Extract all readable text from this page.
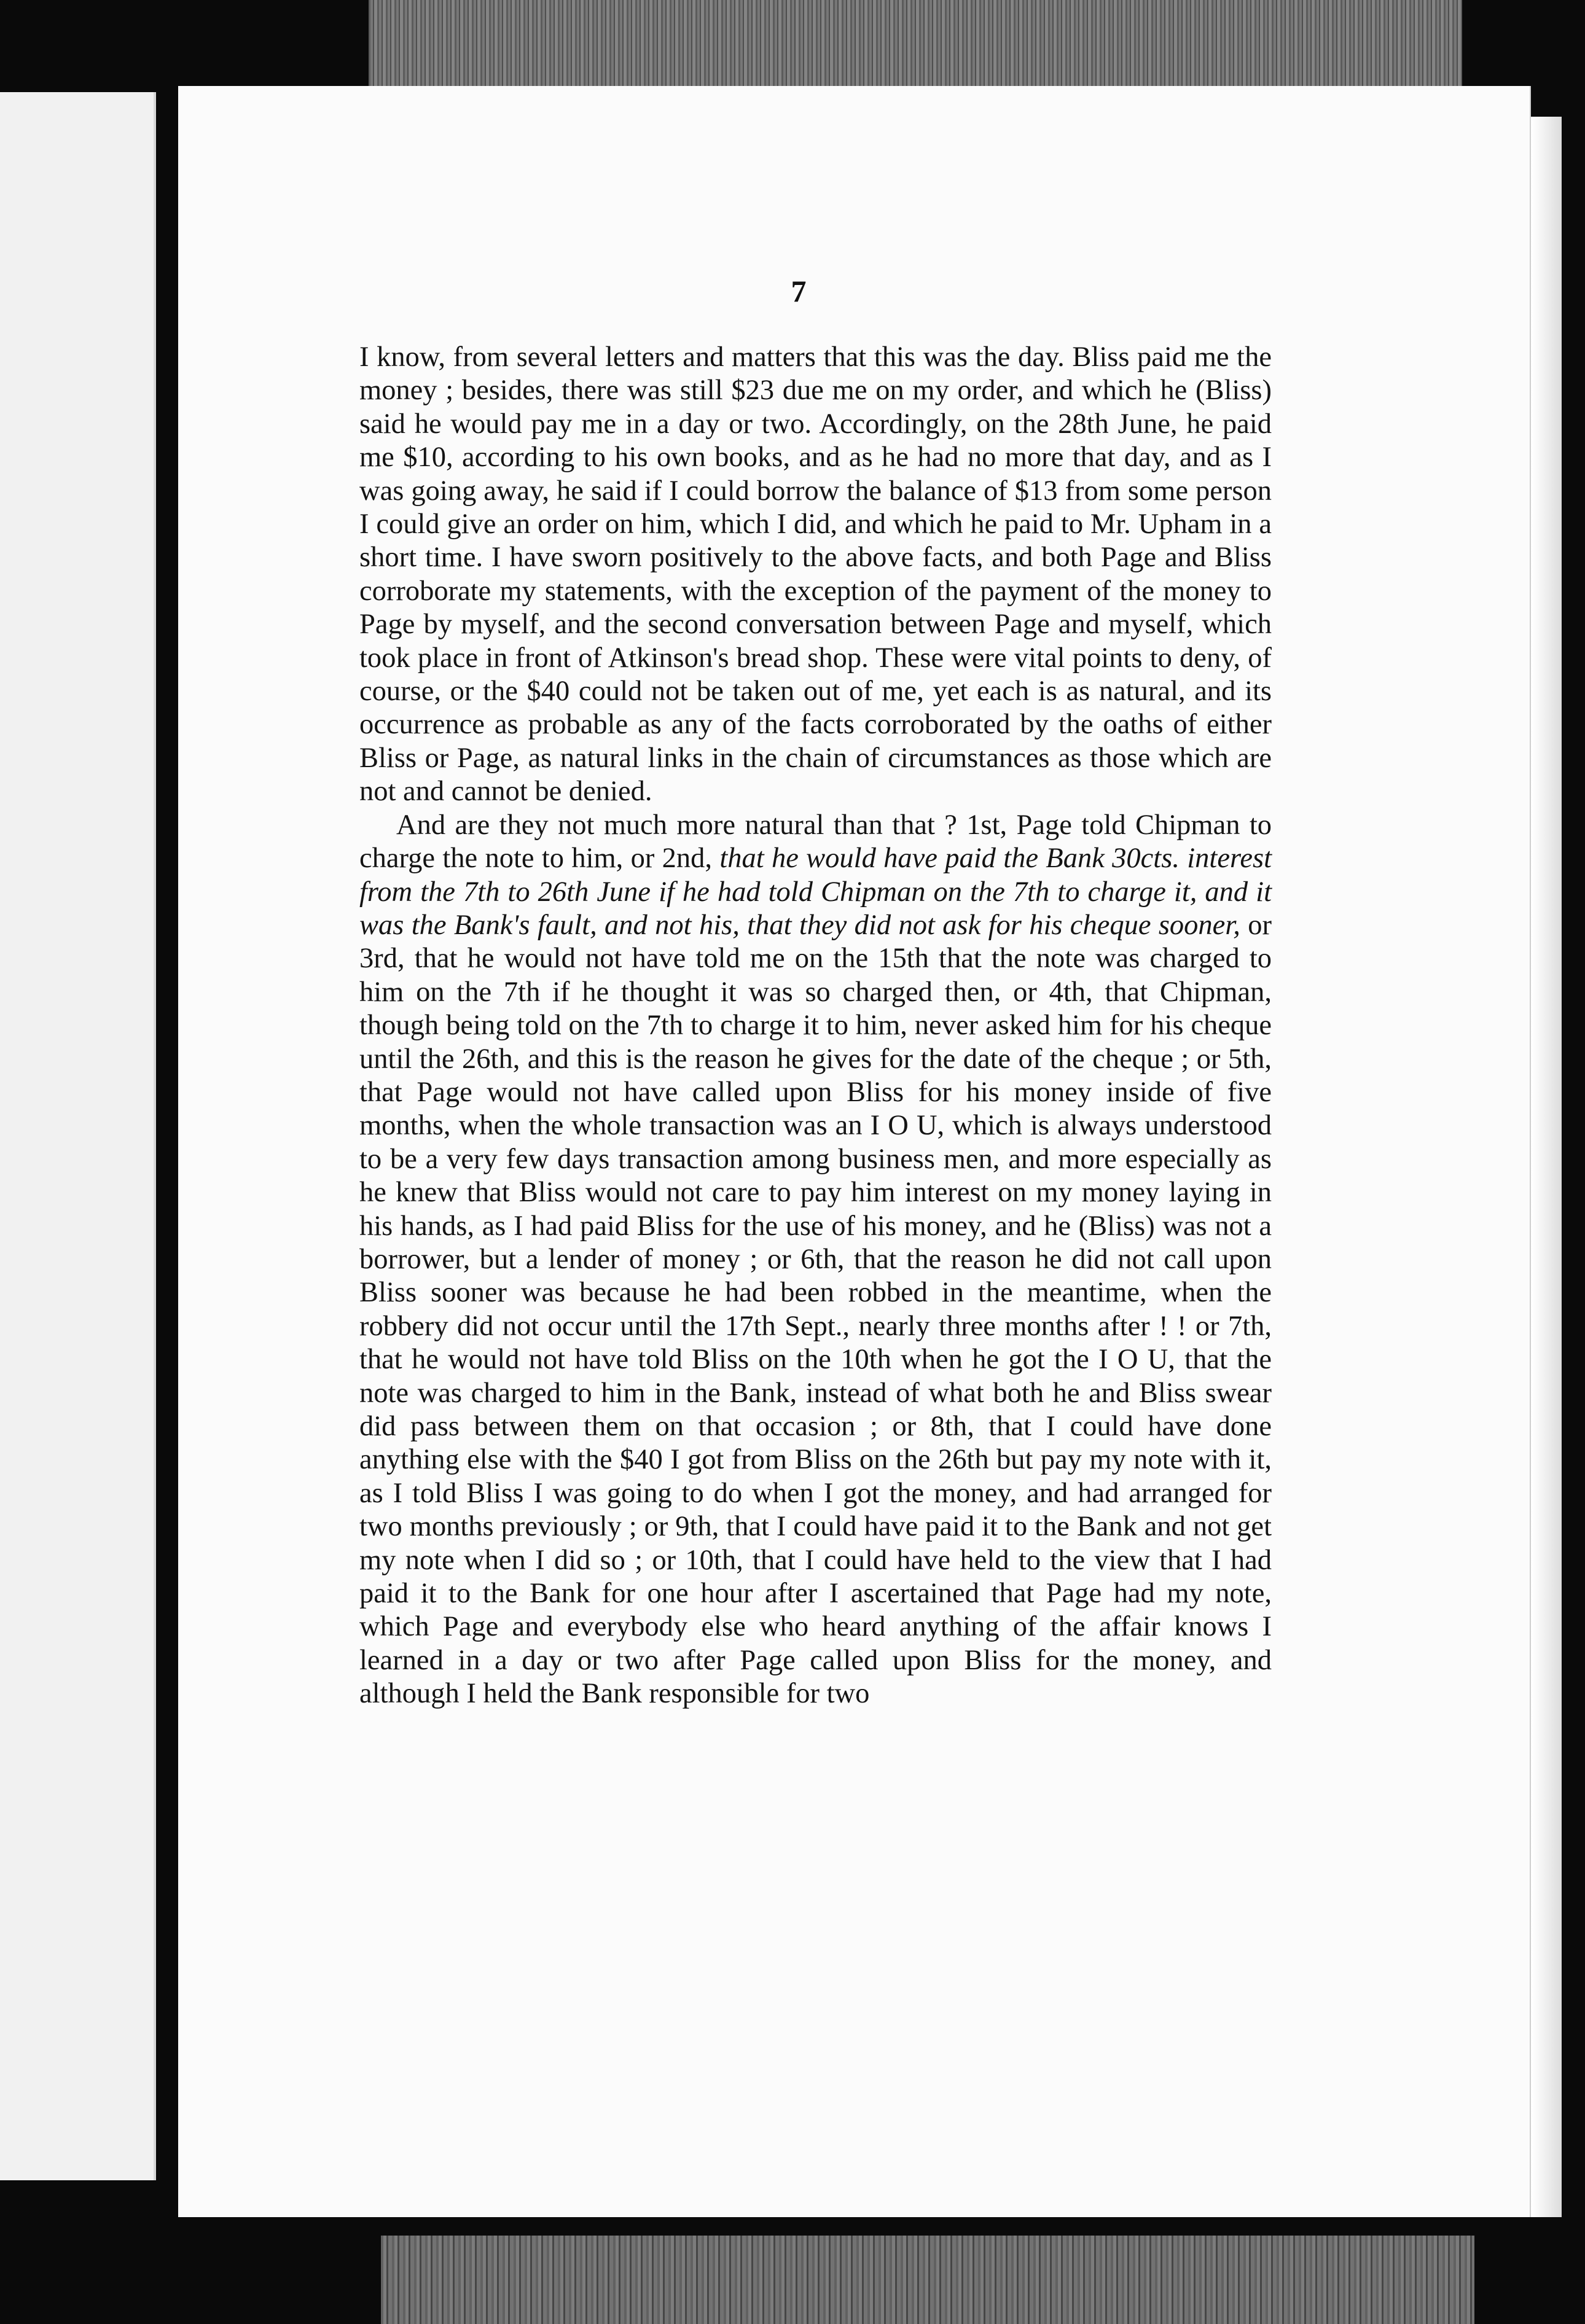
7

I know, from several letters and matters that this was the day. Bliss paid me the money ; besides, there was still $23 due me on my order, and which he (Bliss) said he would pay me in a day or two. Accordingly, on the 28th June, he paid me $10, according to his own books, and as he had no more that day, and as I was going away, he said if I could borrow the balance of $13 from some person I could give an order on him, which I did, and which he paid to Mr. Upham in a short time. I have sworn positively to the above facts, and both Page and Bliss corroborate my statements, with the exception of the payment of the money to Page by myself, and the second conversation between Page and myself, which took place in front of Atkinson's bread shop. These were vital points to deny, of course, or the $40 could not be taken out of me, yet each is as natural, and its occurrence as probable as any of the facts corroborated by the oaths of either Bliss or Page, as natural links in the chain of circumstances as those which are not and cannot be denied.

And are they not much more natural than that ? 1st, Page told Chipman to charge the note to him, or 2nd, that he would have paid the Bank 30cts. interest from the 7th to 26th June if he had told Chipman on the 7th to charge it, and it was the Bank's fault, and not his, that they did not ask for his cheque sooner, or 3rd, that he would not have told me on the 15th that the note was charged to him on the 7th if he thought it was so charged then, or 4th, that Chipman, though being told on the 7th to charge it to him, never asked him for his cheque until the 26th, and this is the reason he gives for the date of the cheque ; or 5th, that Page would not have called upon Bliss for his money inside of five months, when the whole transaction was an I O U, which is always understood to be a very few days transaction among business men, and more especially as he knew that Bliss would not care to pay him interest on my money laying in his hands, as I had paid Bliss for the use of his money, and he (Bliss) was not a borrower, but a lender of money ; or 6th, that the reason he did not call upon Bliss sooner was because he had been robbed in the meantime, when the robbery did not occur until the 17th Sept., nearly three months after ! ! or 7th, that he would not have told Bliss on the 10th when he got the I O U, that the note was charged to him in the Bank, instead of what both he and Bliss swear did pass between them on that occasion ; or 8th, that I could have done anything else with the $40 I got from Bliss on the 26th but pay my note with it, as I told Bliss I was going to do when I got the money, and had arranged for two months previously ; or 9th, that I could have paid it to the Bank and not get my note when I did so ; or 10th, that I could have held to the view that I had paid it to the Bank for one hour after I ascertained that Page had my note, which Page and everybody else who heard anything of the affair knows I learned in a day or two after Page called upon Bliss for the money, and although I held the Bank responsible for two
